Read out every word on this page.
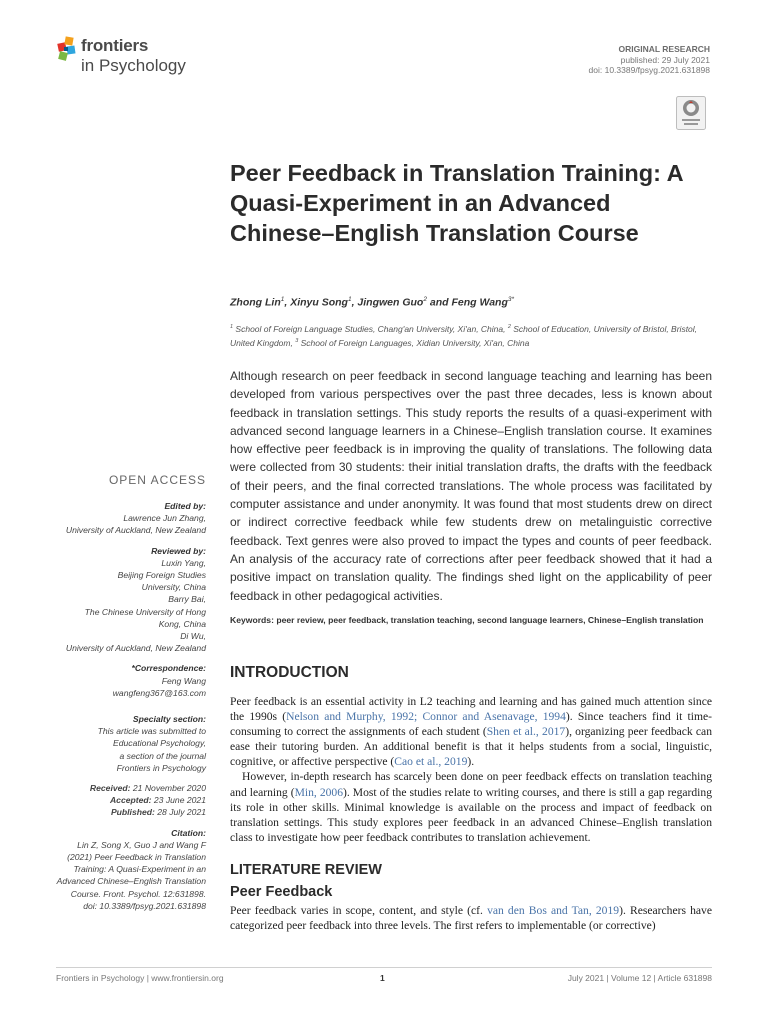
frontiers
in Psychology
ORIGINAL RESEARCH
published: 29 July 2021
doi: 10.3389/fpsyg.2021.631898
Peer Feedback in Translation Training: A Quasi-Experiment in an Advanced Chinese–English Translation Course
Zhong Lin$^1$, Xinyu Song$^1$, Jingwen Guo$^2$ and Feng Wang$^{3*}$
$^1$ School of Foreign Language Studies, Chang'an University, Xi'an, China, $^2$ School of Education, University of Bristol, Bristol, United Kingdom, $^3$ School of Foreign Languages, Xidian University, Xi'an, China
Although research on peer feedback in second language teaching and learning has been developed from various perspectives over the past three decades, less is known about feedback in translation settings. This study reports the results of a quasi-experiment with advanced second language learners in a Chinese–English translation course. It examines how effective peer feedback is in improving the quality of translations. The following data were collected from 30 students: their initial translation drafts, the drafts with the feedback of their peers, and the final corrected translations. The whole process was facilitated by computer assistance and under anonymity. It was found that most students drew on direct or indirect corrective feedback while few students drew on metalinguistic corrective feedback. Text genres were also proved to impact the types and counts of peer feedback. An analysis of the accuracy rate of corrections after peer feedback showed that it had a positive impact on translation quality. The findings shed light on the applicability of peer feedback in other pedagogical activities.
Keywords: peer review, peer feedback, translation teaching, second language learners, Chinese–English translation
OPEN ACCESS
Edited by:
Lawrence Jun Zhang,
University of Auckland, New Zealand
Reviewed by:
Luxin Yang,
Beijing Foreign Studies
University, China
Barry Bai,
The Chinese University of Hong
Kong, China
Di Wu,
University of Auckland, New Zealand
*Correspondence:
Feng Wang
wangfeng367@163.com
Specialty section:
This article was submitted to
Educational Psychology,
a section of the journal
Frontiers in Psychology
Received: 21 November 2020
Accepted: 23 June 2021
Published: 28 July 2021
Citation:
Lin Z, Song X, Guo J and Wang F
(2021) Peer Feedback in Translation
Training: A Quasi-Experiment in an
Advanced Chinese–English Translation
Course. Front. Psychol. 12:631898.
doi: 10.3389/fpsyg.2021.631898
INTRODUCTION

Peer feedback is an essential activity in L2 teaching and learning and has gained much attention since the 1990s (Nelson and Murphy, 1992; Connor and Asenavage, 1994). Since teachers find it time-consuming to correct the assignments of each student (Shen et al., 2017), organizing peer feedback can ease their tutoring burden. An additional benefit is that it helps students from a social, linguistic, cognitive, or affective perspective (Cao et al., 2019).

However, in-depth research has scarcely been done on peer feedback effects on translation teaching and learning (Min, 2006). Most of the studies relate to writing courses, and there is still a gap regarding its role in other skills. Minimal knowledge is available on the process and impact of feedback on translation settings. This study explores peer feedback in an advanced Chinese–English translation class to investigate how peer feedback contributes to translation achievement.

LITERATURE REVIEW
Peer Feedback

Peer feedback varies in scope, content, and style (cf. van den Bos and Tan, 2019). Researchers have categorized peer feedback into three levels. The first refers to implementable (or corrective)

Frontiers in Psychology | www.frontiersin.org	1	July 2021 | Volume 12 | Article 631898
